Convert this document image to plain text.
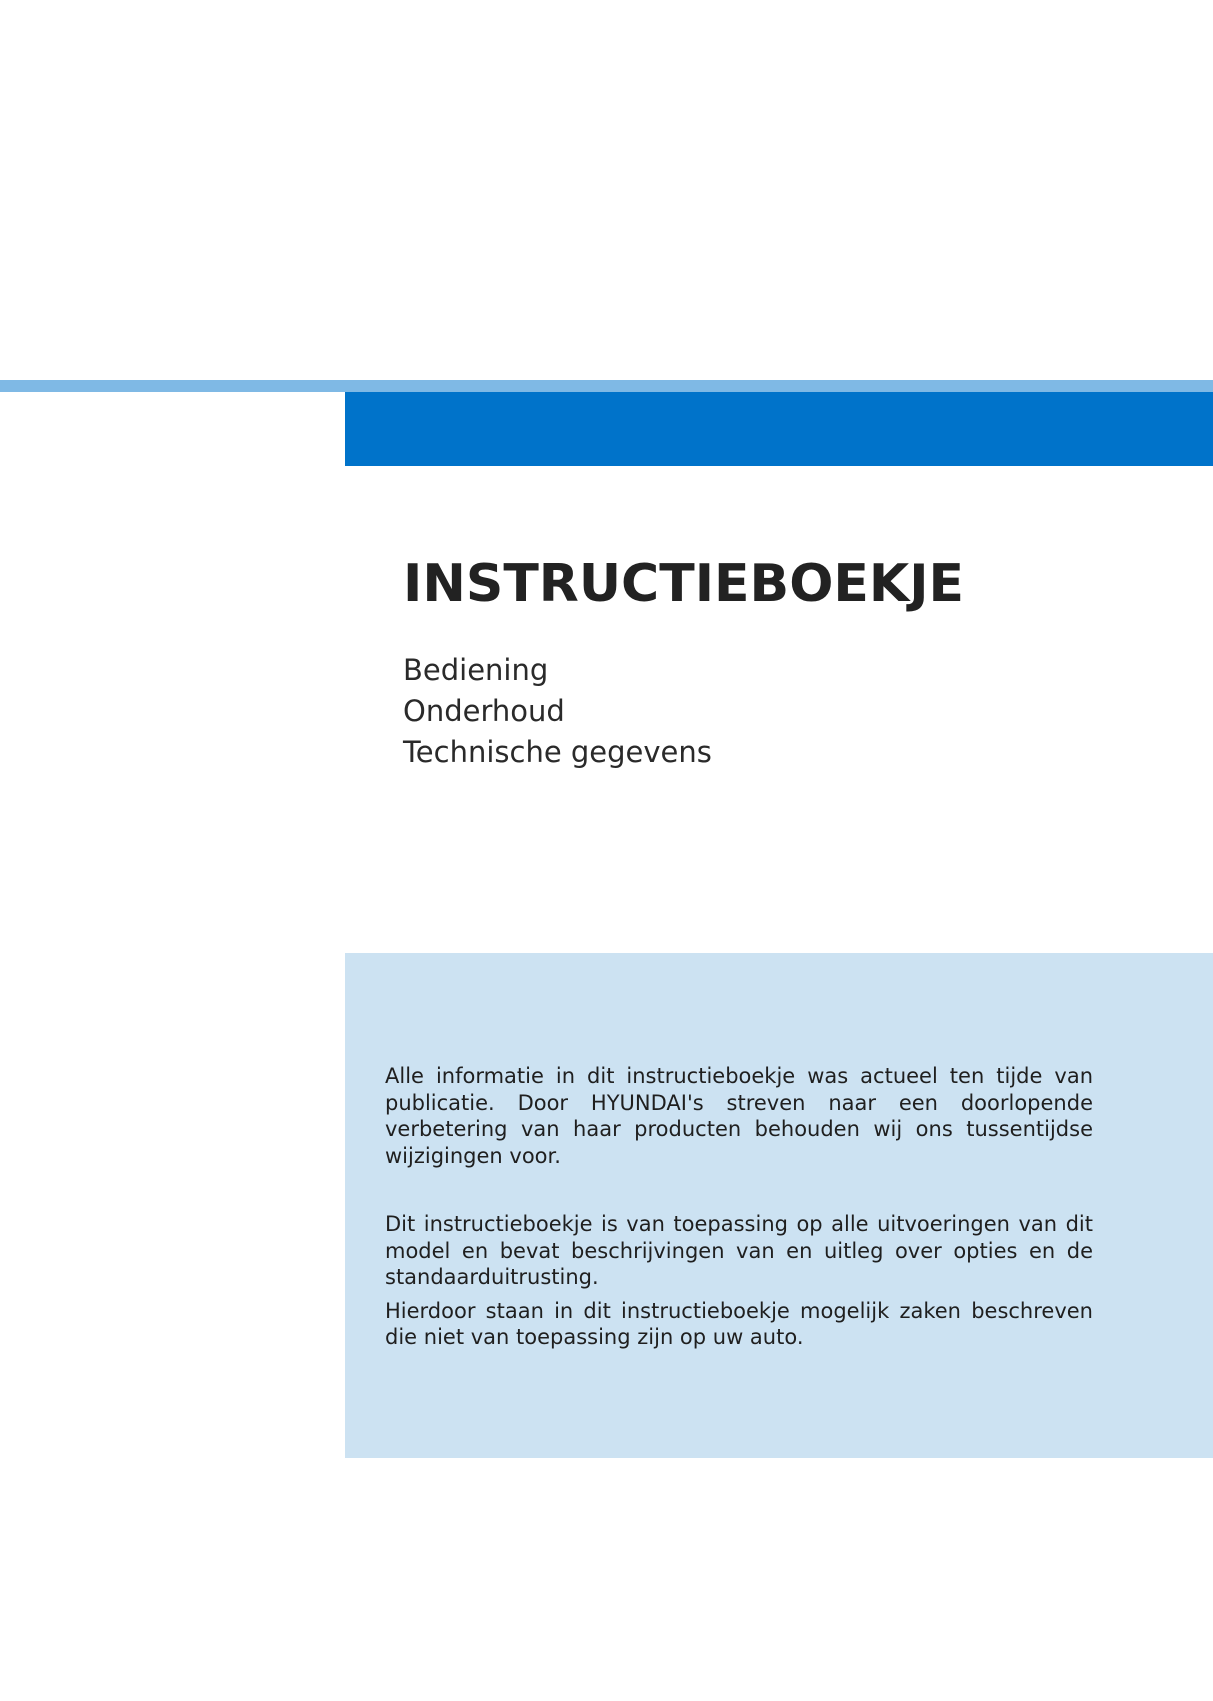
INSTRUCTIEBOEKJE
Bediening
Onderhoud
Technische gegevens

Alle informatie in dit instructieboekje was actueel ten tijde van publicatie. Door HYUNDAI's streven naar een doorlopende verbetering van haar producten behouden wij ons tussentijdse wijzigingen voor.

Dit instructieboekje is van toepassing op alle uitvoeringen van dit model en bevat beschrijvingen van en uitleg over opties en de standaarduitrusting.

Hierdoor staan in dit instructieboekje mogelijk zaken beschreven die niet van toepassing zijn op uw auto.
